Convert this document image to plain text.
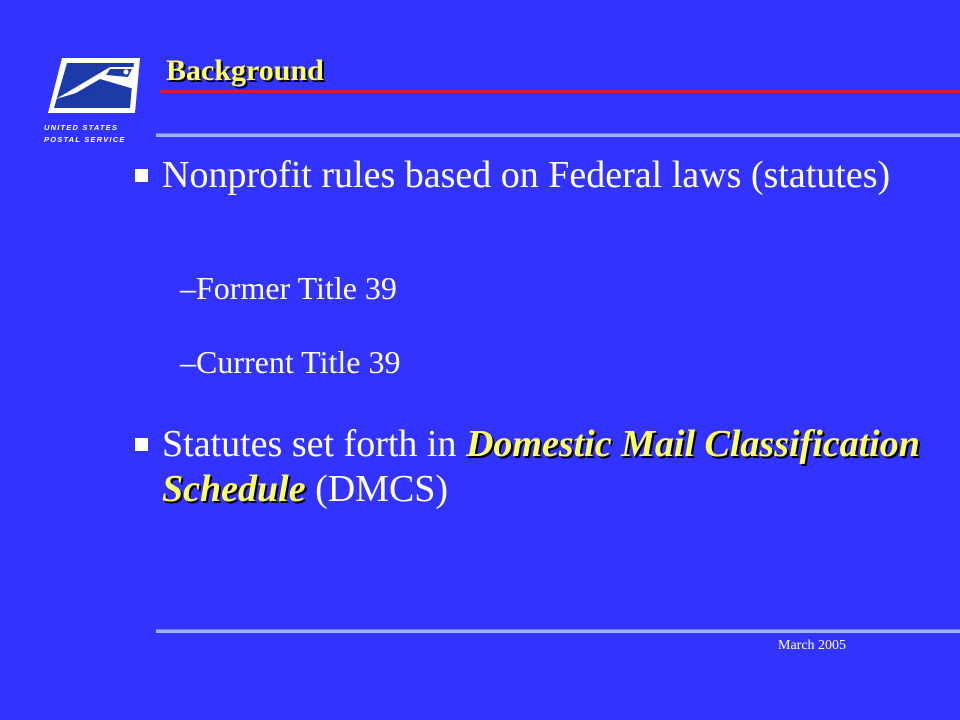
UNITED STATES
POSTAL SERVICE
Background
Nonprofit rules based on Federal laws (statutes)
–Former Title 39
–Current Title 39
Statutes set forth in Domestic Mail Classification Schedule (DMCS)
March 2005
